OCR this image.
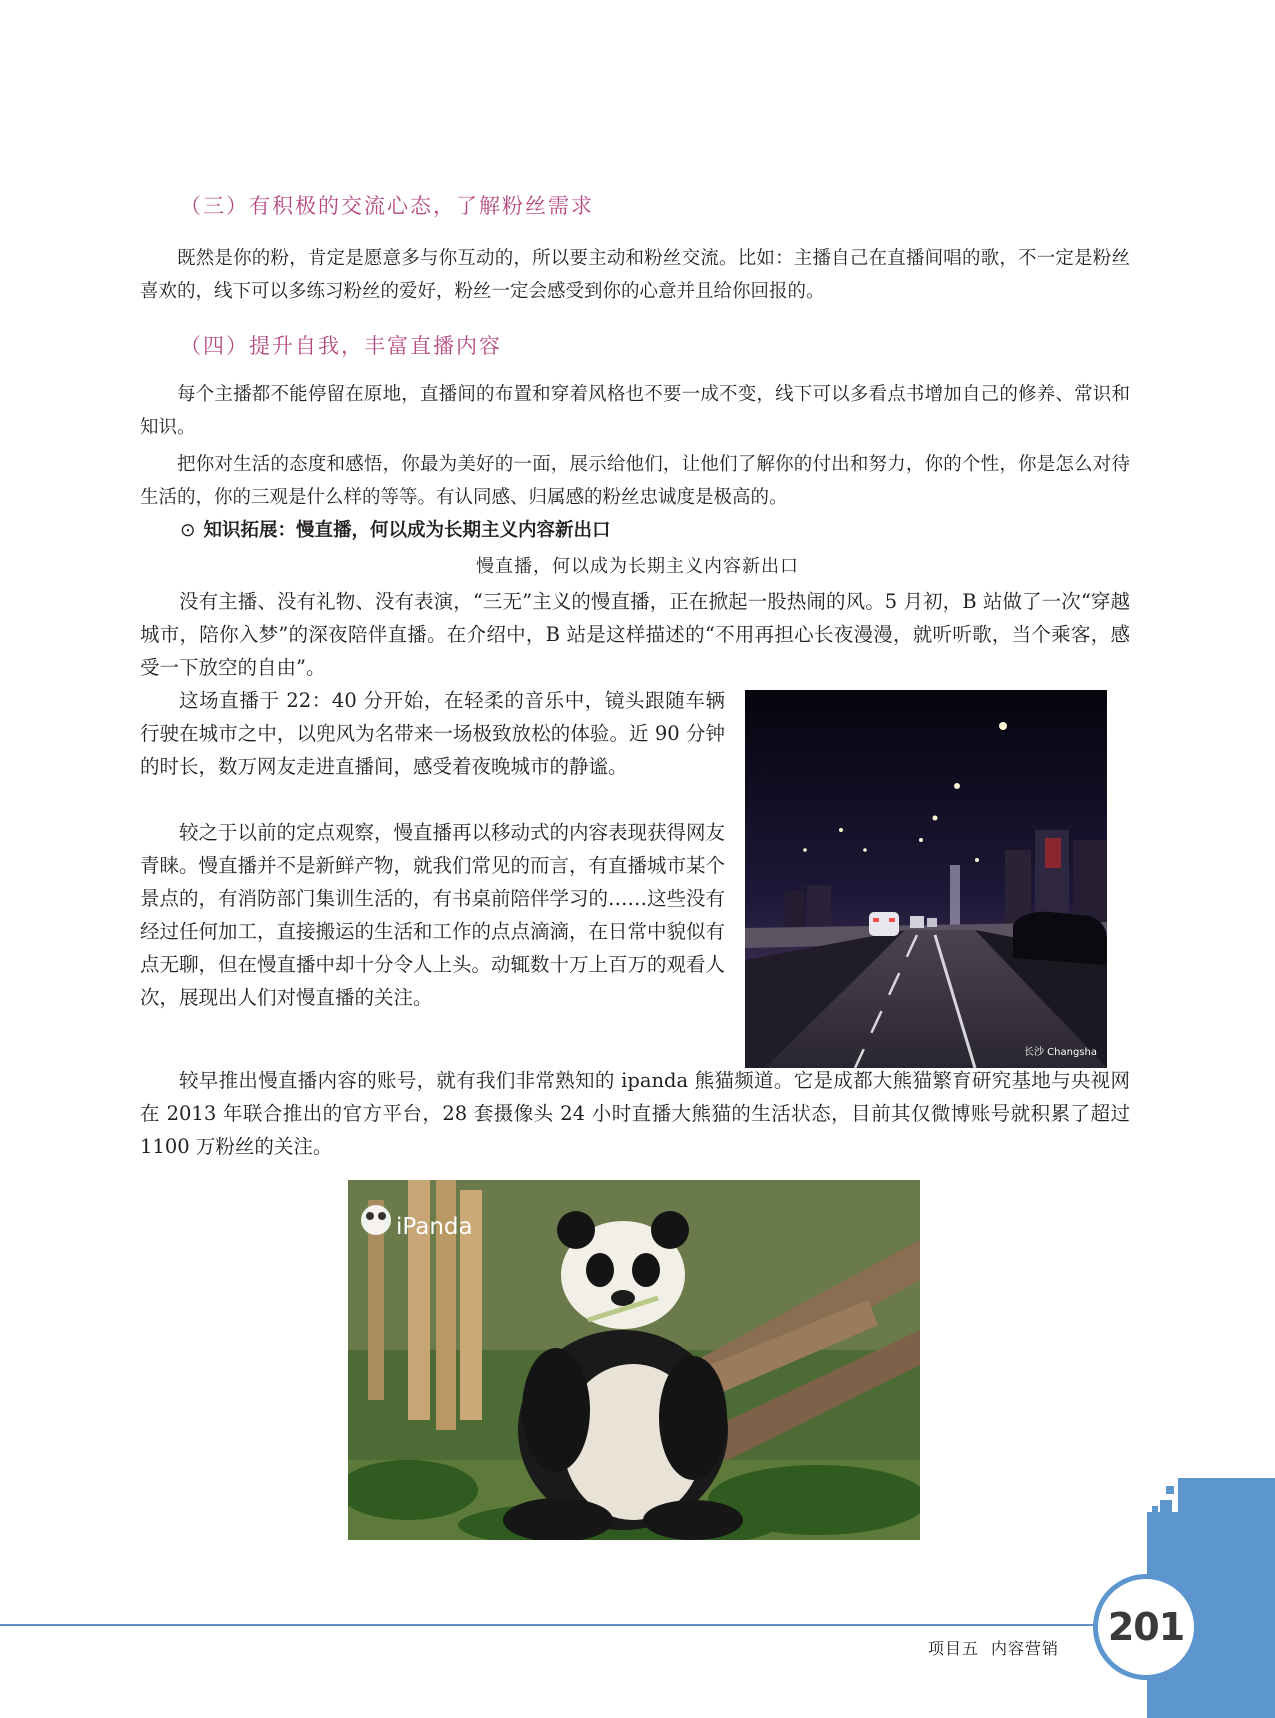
（三）有积极的交流心态，了解粉丝需求

既然是你的粉，肯定是愿意多与你互动的，所以要主动和粉丝交流。比如：主播自己在直播间唱的歌，不一定是粉丝喜欢的，线下可以多练习粉丝的爱好，粉丝一定会感受到你的心意并且给你回报的。

（四）提升自我，丰富直播内容

每个主播都不能停留在原地，直播间的布置和穿着风格也不要一成不变，线下可以多看点书增加自己的修养、常识和知识。

把你对生活的态度和感悟，你最为美好的一面，展示给他们，让他们了解你的付出和努力，你的个性，你是怎么对待生活的，你的三观是什么样的等等。有认同感、归属感的粉丝忠诚度是极高的。

⊙ 知识拓展：慢直播，何以成为长期主义内容新出口

慢直播，何以成为长期主义内容新出口

没有主播、没有礼物、没有表演，“三无”主义的慢直播，正在掀起一股热闹的风。5 月初，B 站做了一次“穿越城市，陪你入梦”的深夜陪伴直播。在介绍中，B 站是这样描述的“不用再担心长夜漫漫，就听听歌，当个乘客，感受一下放空的自由”。

这场直播于 22：40 分开始，在轻柔的音乐中，镜头跟随车辆行驶在城市之中，以兜风为名带来一场极致放松的体验。近 90 分钟的时长，数万网友走进直播间，感受着夜晚城市的静谧。

较之于以前的定点观察，慢直播再以移动式的内容表现获得网友青睐。慢直播并不是新鲜产物，就我们常见的而言，有直播城市某个景点的，有消防部门集训生活的，有书桌前陪伴学习的……这些没有经过任何加工，直接搬运的生活和工作的点点滴滴，在日常中貌似有点无聊，但在慢直播中却十分令人上头。动辄数十万上百万的观看人次，展现出人们对慢直播的关注。

较早推出慢直播内容的账号，就有我们非常熟知的 ipanda 熊猫频道。它是成都大熊猫繁育研究基地与央视网在 2013 年联合推出的官方平台，28 套摄像头 24 小时直播大熊猫的生活状态，目前其仅微博账号就积累了超过 1100 万粉丝的关注。

长沙 Changsha
iPanda

项目五 内容营销	201
